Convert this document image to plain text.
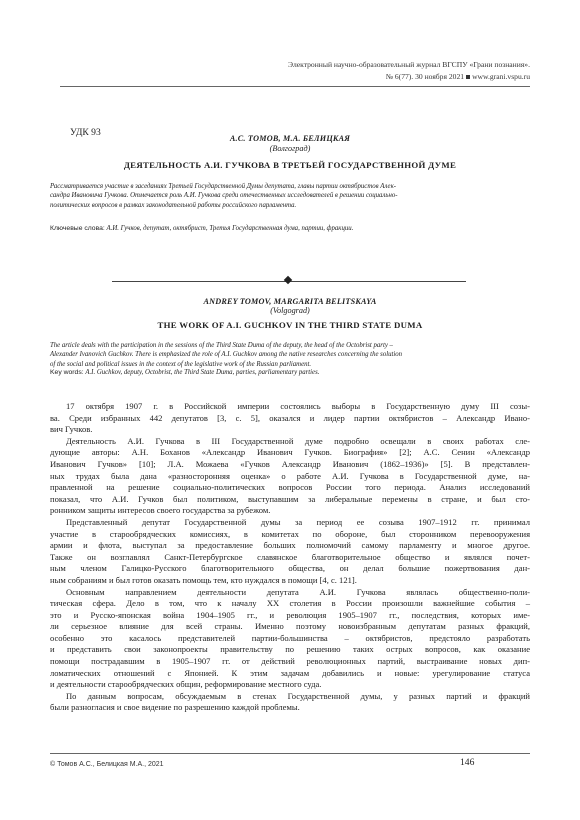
Электронный научно-образовательный журнал ВГСПУ «Грани познания».
№ 6(77). 30 ноября 2021 www.grani.vspu.ru
УДК 93
А.С. ТОМОВ, М.А. БЕЛИЦКАЯ
(Волгоград)
ДЕЯТЕЛЬНОСТЬ А.И. ГУЧКОВА В ТРЕТЬЕЙ ГОСУДАРСТВЕННОЙ ДУМЕ
Рассматривается участие в заседаниях Третьей Государственной Думы депутата, главы партии октябристов Алек-
сандра Ивановича Гучкова. Отмечается роль А.И. Гучкова среди отечественных исследователей в решении социально-
политических вопросов в рамках законодательной работы российского парламента.
Ключевые слова: А.И. Гучков, депутат, октябрист, Третья Государственная дума, партии, фракции.
ANDREY TOMOV, MARGARITA BELITSKAYA
(Volgograd)
THE WORK OF A.I. GUCHKOV IN THE THIRD STATE DUMA
The article deals with the participation in the sessions of the Third State Duma of the deputy, the head of the Octobrist party –
Alexander Ivanovich Guchkov. There is emphasized the role of A.I. Guchkov among the native researches concerning the solution
of the social and political issues in the context of the legislative work of the Russian parliament.
Key words: A.I. Guchkov, deputy, Octobrist, the Third State Duma, parties, parliamentary parties.
17 октября 1907 г. в Российской империи состоялись выборы в Государственную думу III созы-
ва. Среди избранных 442 депутатов [3, с. 5], оказался и лидер партии октябристов – Александр Ивано-
вич Гучков.
Деятельность А.И. Гучкова в III Государственной думе подробно освещали в своих работах сле-
дующие авторы: А.Н. Боханов «Александр Иванович Гучков. Биография» [2]; А.С. Сенин «Александр
Иванович Гучков» [10]; Л.А. Можаева «Гучков Александр Иванович (1862–1936)» [5]. В представлен-
ных трудах была дана «разносторонняя оценка» о работе А.И. Гучкова в Государственной думе, на-
правленной на решение социально-политических вопросов России того периода. Анализ исследований
показал, что А.И. Гучков был политиком, выступавшим за либеральные перемены в стране, и был сто-
ронником защиты интересов своего государства за рубежом.
Представленный депутат Государственной думы за период ее созыва 1907–1912 гг. принимал
участие в старообрядческих комиссиях, в комитетах по обороне, был сторонником перевооружения
армии и флота, выступал за предоставление больших полномочий самому парламенту и многое другое.
Также он возглавлял Санкт-Петербургское славянское благотворительное общество и являлся почет-
ным членом Галицко-Русского благотворительного общества, он делал большие пожертвования дан-
ным собраниям и был готов оказать помощь тем, кто нуждался в помощи [4, с. 121].
Основным направлением деятельности депутата А.И. Гучкова являлась общественно-поли-
тическая сфера. Дело в том, что к началу XX столетия в России произошли важнейшие события –
это и Русско-японская война 1904–1905 гг., и революция 1905–1907 гг., последствия, которых име-
ли серьезное влияние для всей страны. Именно поэтому новоизбранным депутатам разных фракций,
особенно это касалось представителей партии-большинства – октябристов, предстояло разработать
и представить свои законопроекты правительству по решению таких острых вопросов, как оказание
помощи пострадавшим в 1905–1907 гг. от действий революционных партий, выстраивание новых дип-
ломатических отношений с Японией. К этим задачам добавились и новые: урегулирование статуса
и деятельности старообрядческих общин, реформирование местного суда.
По данным вопросам, обсуждаемым в стенах Государственной думы, у разных партий и фракций
были разногласия и свое видение по разрешению каждой проблемы.
© Томов А.С., Белицкая М.А., 2021	146
